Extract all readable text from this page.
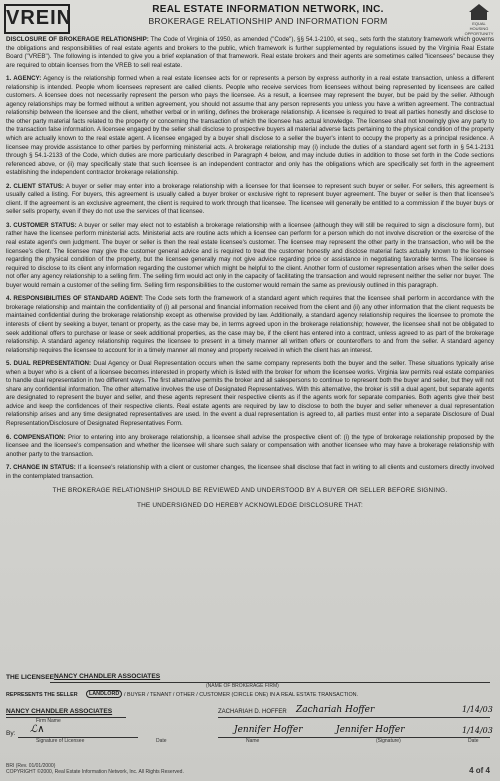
VREIN	REAL ESTATE INFORMATION NETWORK, INC.
BROKERAGE RELATIONSHIP AND INFORMATION FORM	EQUAL HOUSING OPPORTUNITY

DISCLOSURE OF BROKERAGE RELATIONSHIP: The Code of Virginia of 1950, as amended ("Code"), §§ 54.1-2100, et seq., sets forth the statutory framework which governs the obligations and responsibilities of real estate agents and brokers to the public, which framework is further supplemented by regulations issued by the Virginia Real Estate Board ("VREB"). The following is intended to give you a brief explanation of that framework. Real estate brokers and their agents are sometimes called "licensees" because they are required to obtain licenses from the VREB to sell real estate.

1. AGENCY: Agency is the relationship formed when a real estate licensee acts for or represents a person by express authority in a real estate transaction, unless a different relationship is intended. People whom licensees represent are called clients. People who receive services from licensees without being represented by licensees are called customers. A licensee does not necessarily represent the person who pays the licensee. As a result, a licensee may represent the buyer, but be paid by the seller. Although agency relationships may be formed without a written agreement, you should not assume that any person represents you unless you have a written agreement. The contractual relationship between the licensee and the client, whether verbal or in writing, defines the brokerage relationship. A licensee is required to treat all parties honestly and disclose to the other party material facts related to the property or concerning the transaction of which the licensee has actual knowledge. The licensee shall not knowingly give any party to the transaction false information. A licensee engaged by the seller shall disclose to prospective buyers all material adverse facts pertaining to the physical condition of the property which are actually known to the real estate agent. A licensee engaged by a buyer shall disclose to a seller the buyer's intent to occupy the property as a principal residence. A licensee may provide assistance to other parties by performing ministerial acts. A brokerage relationship may (i) include the duties of a standard agent set forth in § 54.1-2131 through § 54.1-2133 of the Code, which duties are more particularly described in Paragraph 4 below, and may include duties in addition to those set forth in the Code sections referenced above, or (ii) may specifically state that such licensee is an independent contractor and only has the obligations which are specifically set forth in the agreement establishing the independent contractor brokerage relationship.

2. CLIENT STATUS: A buyer or seller may enter into a brokerage relationship with a licensee for that licensee to represent such buyer or seller. For sellers, this agreement is usually called a listing. For buyers, this agreement is usually called a buyer broker or exclusive right to represent buyer agreement. The buyer or seller is then that licensee's client. If the agreement is an exclusive agreement, the client is required to work through that licensee. The licensee will generally be entitled to a commission if the buyer buys or seller sells property, even if they do not use the services of that licensee.

3. CUSTOMER STATUS: A buyer or seller may elect not to establish a brokerage relationship with a licensee (although they will still be required to sign a disclosure form), but rather have the licensee perform ministerial acts. Ministerial acts are routine acts which a licensee can perform for a person which do not involve discretion or the exercise of the real estate agent's own judgment. The buyer or seller is then the real estate licensee's customer. The licensee may represent the other party in the transaction, who will be the licensee's client. The licensee may give the customer general advice and is required to treat the customer honestly and disclose material facts actually known to the licensee regarding the physical condition of the property, but the licensee generally may not give advice regarding price or assistance in negotiating favorable terms. The licensee is required to disclose to its client any information regarding the customer which might be helpful to the client. Another form of customer representation arises when the seller does not offer any agency relationship to a selling firm. The selling firm would act only in the capacity of facilitating the transaction and would represent neither the seller nor buyer. The buyer would remain a customer of the selling firm. Selling firm responsibilities to the customer would remain the same as previously outlined in this paragraph.

4. RESPONSIBILITIES OF STANDARD AGENT: The Code sets forth the framework of a standard agent which requires that the licensee shall perform in accordance with the brokerage relationship and maintain the confidentiality of (i) all personal and financial information received from the client and (ii) any other information that the client requests be maintained confidential during the brokerage relationship except as otherwise provided by law. Additionally, a standard agency relationship requires the licensee to promote the interests of client by seeking a buyer, tenant or property, as the case may be, in terms agreed upon in the brokerage relationship; however, the licensee shall not be obligated to seek additional offers to purchase or lease or seek additional properties, as the case may be, if the client has entered into a contract, unless agreed to as part of the brokerage relationship. A standard agency relationship requires the licensee to present in a timely manner all written offers or counteroffers to and from the seller. A standard agency relationship requires the licensee to account for in a timely manner all money and property received in which the client has an interest.

5. DUAL REPRESENTATION: Dual Agency or Dual Representation occurs when the same company represents both the buyer and the seller. These situations typically arise when a buyer who is a client of a licensee becomes interested in property which is listed with the broker for whom the licensee works. Virginia law permits real estate companies to handle dual representation in two different ways. The first alternative permits the broker and all salespersons to continue to represent both the buyer and seller, but they will not share any confidential information. The other alternative involves the use of Designated Representatives. With this alternative, the broker is still a dual agent, but separate agents are designated to represent the buyer and seller, and these agents represent their respective clients as if the agents work for separate companies. Both agents give their best advice and keep the confidences of their respective clients. Real estate agents are required by law to disclose to both the buyer and seller whenever a dual representation relationship arises and any time designated representatives are used. In the event a dual representation is agreed to, all parties must enter into a separate Disclosure of Dual Representation/Disclosure of Designated Representatives Form.

6. COMPENSATION: Prior to entering into any brokerage relationship, a licensee shall advise the prospective client of: (i) the type of brokerage relationship proposed by the licensee and the licensee's compensation and whether the licensee will share such salary or compensation with another licensee who may have a brokerage relationship with another party to the transaction.

7. CHANGE IN STATUS: If a licensee's relationship with a client or customer changes, the licensee shall disclose that fact in writing to all clients and customers directly involved in the contemplated transaction.

THE BROKERAGE RELATIONSHIP SHOULD BE REVIEWED AND UNDERSTOOD BY A BUYER OR SELLER BEFORE SIGNING.
THE UNDERSIGNED DO HEREBY ACKNOWLEDGE DISCLOSURE THAT:
THE LICENSEE NANCY CHANDLER ASSOCIATES
(NAME OF BROKERAGE FIRM)
REPRESENTS THE SELLER	LANDLORD / BUYER / TENANT / OTHER / CUSTOMER (CIRCLE ONE) IN A REAL ESTATE TRANSACTION.
NANCY CHANDLER ASSOCIATES
Firm Name
ZACHARIAH D. HOFFER Zachariah Hoffer	1/14/03
By: ℒ∧
Signature of Licensee	Date
Jennifer Hoffer	Jennifer Hoffer	1/14/03
Name	(Signature)	Date
BRI (Rev. 01/01/2000)
COPYRIGHT ©2000, Real Estate Information Network, Inc. All Rights Reserved.	4 of 4
